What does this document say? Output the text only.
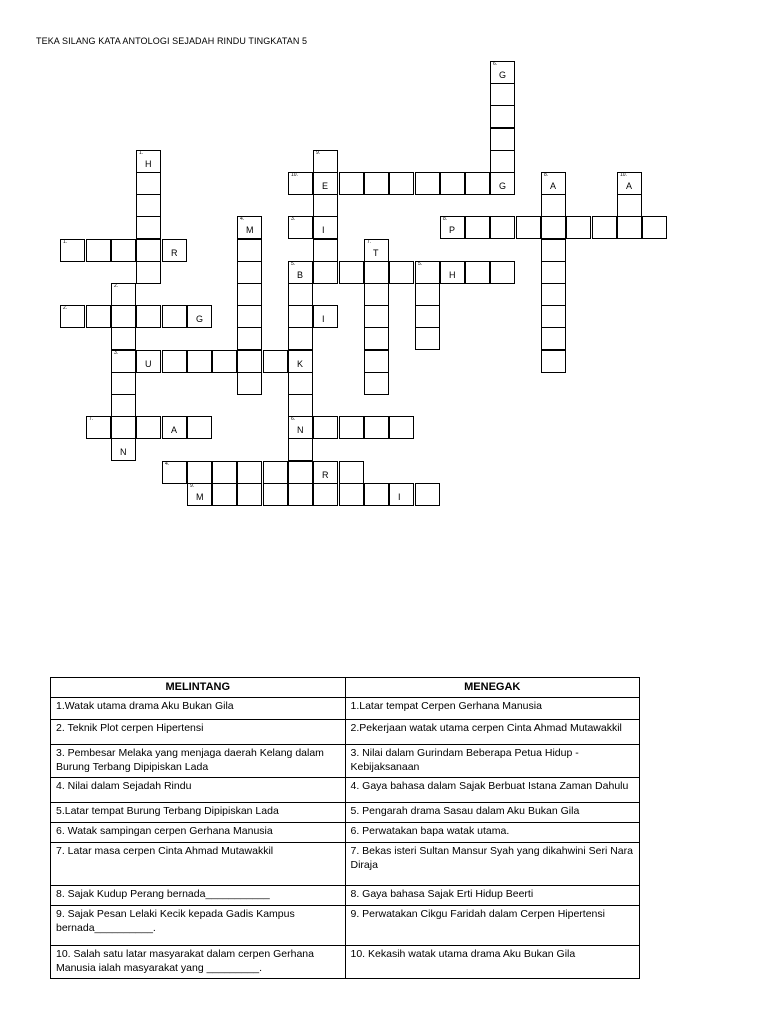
TEKA SILANG KATA ANTOLOGI SEJADAH RINDU TINGKATAN 5
6.
G
1.
H
9.
10.
E	G
8.
A
10.
A
4.
M
3.
I
8.
P
1.
R
7.
T
5.
B
5.
H
2.
2.
G	I
3.
U	K
7.
A
6.
N
N
4.
R
9.
M	I
MELINTANG	MENEGAK
1.Watak utama drama Aku Bukan Gila	1.Latar tempat Cerpen Gerhana Manusia
2. Teknik Plot cerpen Hipertensi	2.Pekerjaan watak utama cerpen Cinta Ahmad Mutawakkil
3. Pembesar Melaka yang menjaga daerah Kelang dalam Burung Terbang Dipipiskan Lada	3. Nilai dalam Gurindam Beberapa Petua Hidup -Kebijaksanaan
4. Nilai dalam Sejadah Rindu	4. Gaya bahasa dalam Sajak Berbuat Istana Zaman Dahulu
5.Latar tempat Burung Terbang Dipipiskan Lada	5. Pengarah drama Sasau dalam Aku Bukan Gila
6. Watak sampingan cerpen Gerhana Manusia	6. Perwatakan bapa watak utama.
7. Latar masa cerpen Cinta Ahmad Mutawakkil	7. Bekas isteri Sultan Mansur Syah yang dikahwini Seri Nara Diraja
8. Sajak Kudup Perang bernada___________	8. Gaya bahasa Sajak Erti Hidup Beerti
9. Sajak Pesan Lelaki Kecik kepada Gadis Kampus bernada__________.	9. Perwatakan Cikgu Faridah dalam Cerpen Hipertensi
10. Salah satu latar masyarakat dalam cerpen Gerhana Manusia ialah masyarakat yang _________.	10. Kekasih watak utama drama Aku Bukan Gila
